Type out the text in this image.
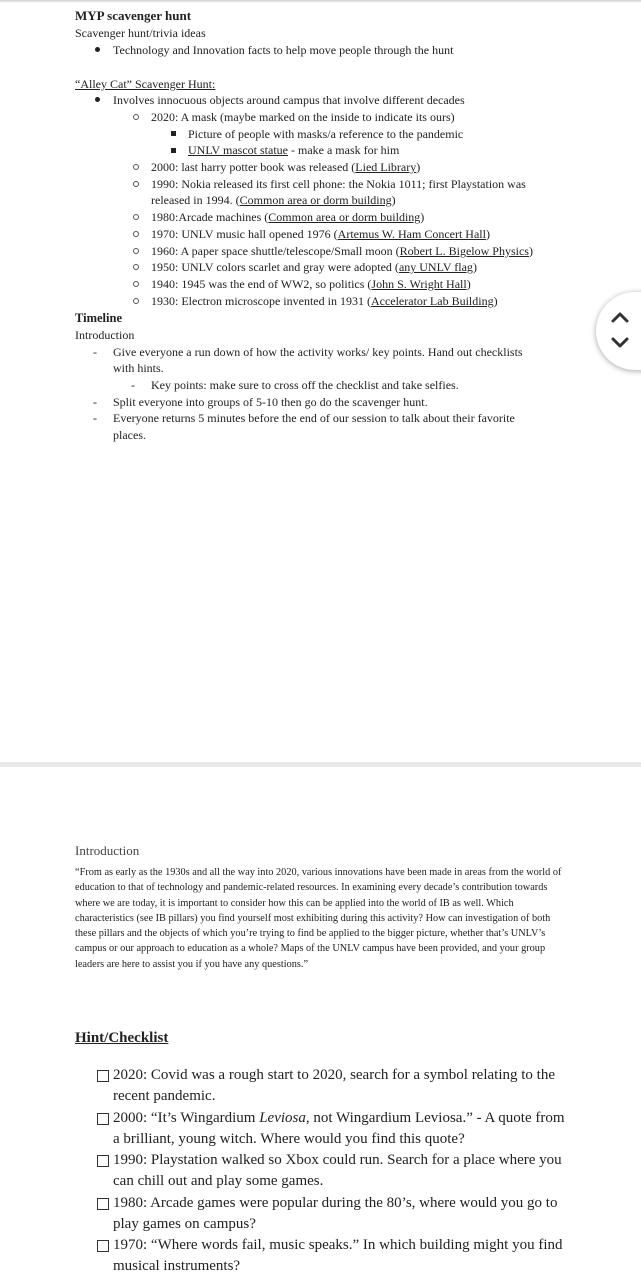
MYP scavenger hunt
Scavenger hunt/trivia ideas
Technology and Innovation facts to help move people through the hunt
“Alley Cat” Scavenger Hunt:
Involves innocuous objects around campus that involve different decades
2020: A mask (maybe marked on the inside to indicate its ours)
Picture of people with masks/a reference to the pandemic
UNLV mascot statue - make a mask for him
2000: last harry potter book was released (Lied Library)
1990: Nokia released its first cell phone: the Nokia 1011; first Playstation was
released in 1994. (Common area or dorm building)
1980:Arcade machines (Common area or dorm building)
1970: UNLV music hall opened 1976 (Artemus W. Ham Concert Hall)
1960: A paper space shuttle/telescope/Small moon (Robert L. Bigelow Physics)
1950: UNLV colors scarlet and gray were adopted (any UNLV flag)
1940: 1945 was the end of WW2, so politics (John S. Wright Hall)
1930: Electron microscope invented in 1931 (Accelerator Lab Building)
Timeline
Introduction
- Give everyone a run down of how the activity works/ key points. Hand out checklists
with hints.
- Key points: make sure to cross off the checklist and take selfies.
- Split everyone into groups of 5-10 then go do the scavenger hunt.
- Everyone returns 5 minutes before the end of our session to talk about their favorite
places.
Introduction
“From as early as the 1930s and all the way into 2020, various innovations have been made in areas from the world of education to that of technology and pandemic-related resources. In examining every decade’s contribution towards where we are today, it is important to consider how this can be applied into the world of IB as well. Which characteristics (see IB pillars) you find yourself most exhibiting during this activity? How can investigation of both these pillars and the objects of which you’re trying to find be applied to the bigger picture, whether that’s UNLV’s campus or our approach to education as a whole? Maps of the UNLV campus have been provided, and your group leaders are here to assist you if you have any questions.”
Hint/Checklist
2020: Covid was a rough start to 2020, search for a symbol relating to the recent pandemic.
2000: “It’s Wingardium Leviosa, not Wingardium Leviosa.” - A quote from a brilliant, young witch. Where would you find this quote?
1990: Playstation walked so Xbox could run. Search for a place where you can chill out and play some games.
1980: Arcade games were popular during the 80’s, where would you go to play games on campus?
1970: “Where words fail, music speaks.” In which building might you find musical instruments?
